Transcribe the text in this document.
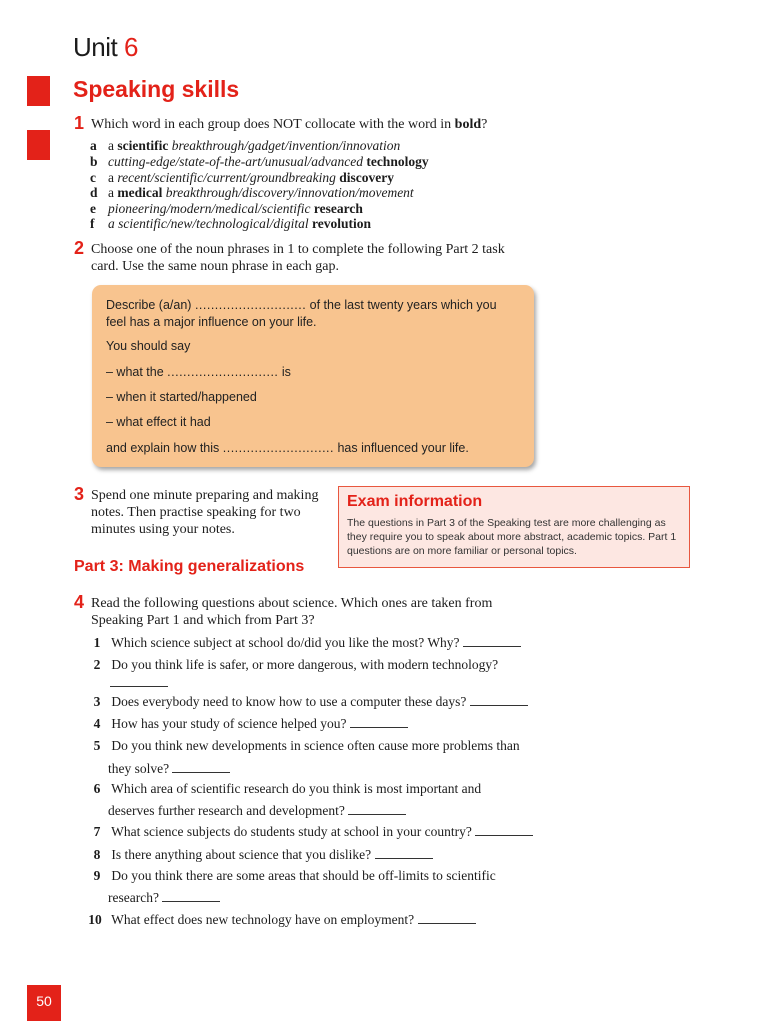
Unit 6
Speaking skills
1 Which word in each group does NOT collocate with the word in bold?
a a scientific breakthrough/gadget/invention/innovation
b cutting-edge/state-of-the-art/unusual/advanced technology
c a recent/scientific/current/groundbreaking discovery
d a medical breakthrough/discovery/innovation/movement
e pioneering/modern/medical/scientific research
f a scientific/new/technological/digital revolution
2 Choose one of the noun phrases in 1 to complete the following Part 2 task
card. Use the same noun phrase in each gap.
Describe (a/an) ............................ of the last twenty years which you
feel has a major influence on your life.
You should say
– what the ............................ is
– when it started/happened
– what effect it had
and explain how this ............................ has influenced your life.
3 Spend one minute preparing and making
notes. Then practise speaking for two
minutes using your notes.
Exam information
The questions in Part 3 of the Speaking test are more challenging as they require you to speak about more abstract, academic topics. Part 1 questions are on more familiar or personal topics.
Part 3: Making generalizations
4 Read the following questions about science. Which ones are taken from
Speaking Part 1 and which from Part 3?
1 Which science subject at school do/did you like the most? Why?
2 Do you think life is safer, or more dangerous, with modern technology?
3 Does everybody need to know how to use a computer these days?
4 How has your study of science helped you?
5 Do you think new developments in science often cause more problems than
they solve?
6 Which area of scientific research do you think is most important and
deserves further research and development?
7 What science subjects do students study at school in your country?
8 Is there anything about science that you dislike?
9 Do you think there are some areas that should be off-limits to scientific
research?
10 What effect does new technology have on employment?
50
